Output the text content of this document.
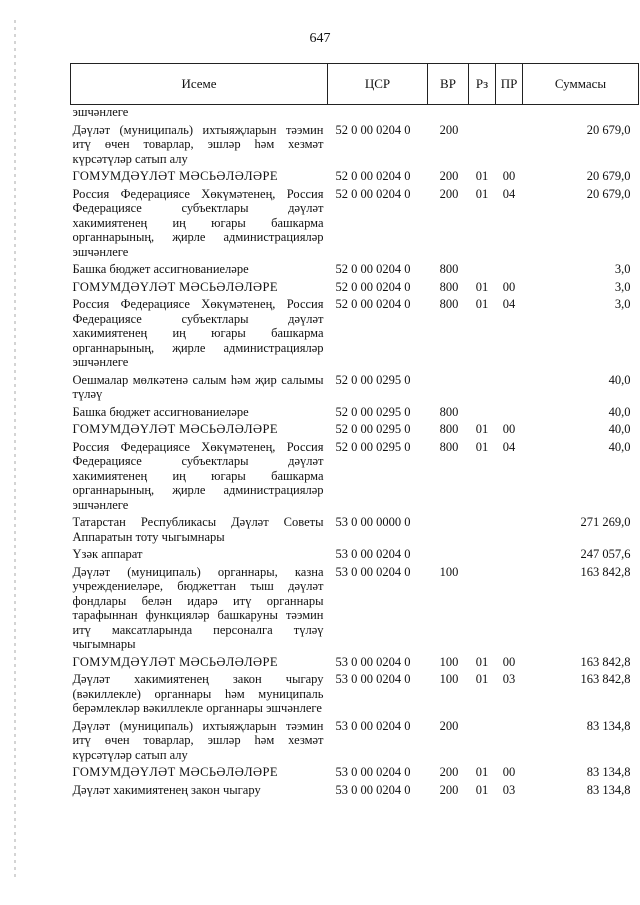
647
Исеме	ЦСР	ВР	Рз	ПР	Суммасы
эшчәнлеге					
Дәүләт (муниципаль) ихтыяҗларын тәэмин итү өчен товарлар, эшләр һәм хезмәт күрсәтүләр сатып алу	52 0 00 0204 0	200			20 679,0
ГОМУМДӘҮЛӘТ МӘСЬӘЛӘЛӘРЕ	52 0 00 0204 0	200	01	00	20 679,0
Россия Федерациясе Хөкүмәтенең, Россия Федерациясе субъектлары дәүләт хакимиятенең иң югары башкарма органнарының, җирле администрацияләр эшчәнлеге	52 0 00 0204 0	200	01	04	20 679,0
Башка бюджет ассигнованиеләре	52 0 00 0204 0	800			3,0
ГОМУМДӘҮЛӘТ МӘСЬӘЛӘЛӘРЕ	52 0 00 0204 0	800	01	00	3,0
Россия Федерациясе Хөкүмәтенең, Россия Федерациясе субъектлары дәүләт хакимиятенең иң югары башкарма органнарының, җирле администрацияләр эшчәнлеге	52 0 00 0204 0	800	01	04	3,0
Оешмалар мөлкәтенә салым һәм җир салымы түләү	52 0 00 0295 0				40,0
Башка бюджет ассигнованиеләре	52 0 00 0295 0	800			40,0
ГОМУМДӘҮЛӘТ МӘСЬӘЛӘЛӘРЕ	52 0 00 0295 0	800	01	00	40,0
Россия Федерациясе Хөкүмәтенең, Россия Федерациясе субъектлары дәүләт хакимиятенең иң югары башкарма органнарының, җирле администрацияләр эшчәнлеге	52 0 00 0295 0	800	01	04	40,0
Татарстан Республикасы Дәүләт Советы Аппаратын тоту чыгымнары	53 0 00 0000 0				271 269,0
Үзәк аппарат	53 0 00 0204 0				247 057,6
Дәүләт (муниципаль) органнары, казна учреждениеләре, бюджеттан тыш дәүләт фондлары белән идарә итү органнары тарафыннан функцияләр башкаруны тәэмин итү максатларында персоналга түләү чыгымнары	53 0 00 0204 0	100			163 842,8
ГОМУМДӘҮЛӘТ МӘСЬӘЛӘЛӘРЕ	53 0 00 0204 0	100	01	00	163 842,8
Дәүләт хакимиятенең закон чыгару (вәкиллекле) органнары һәм муниципаль берәмлекләр вәкиллекле органнары эшчәнлеге	53 0 00 0204 0	100	01	03	163 842,8
Дәүләт (муниципаль) ихтыяҗларын тәэмин итү өчен товарлар, эшләр һәм хезмәт күрсәтүләр сатып алу	53 0 00 0204 0	200			83 134,8
ГОМУМДӘҮЛӘТ МӘСЬӘЛӘЛӘРЕ	53 0 00 0204 0	200	01	00	83 134,8
Дәүләт хакимиятенең закон чыгару	53 0 00 0204 0	200	01	03	83 134,8
